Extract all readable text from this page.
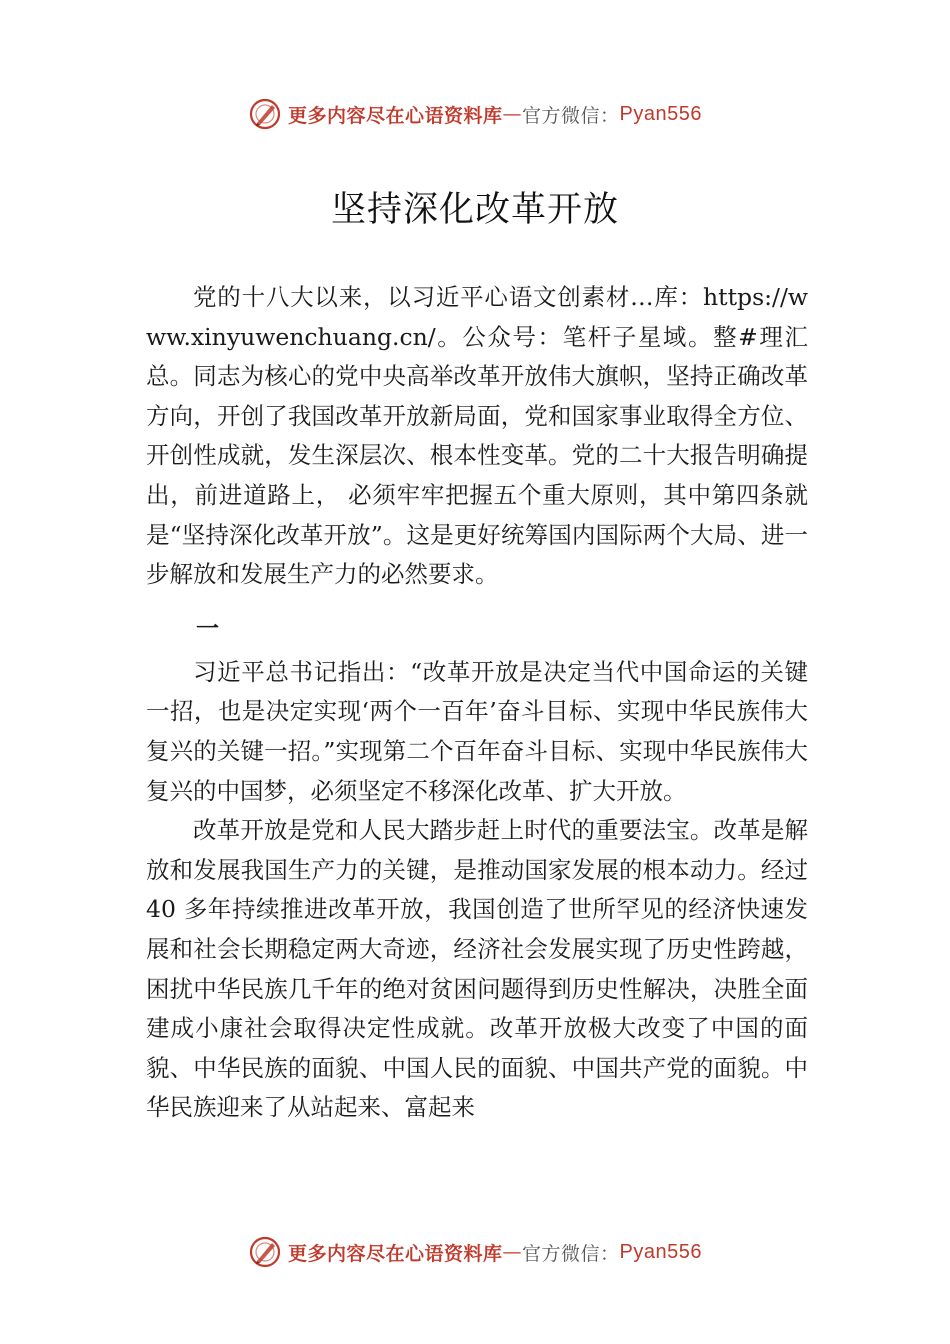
更多内容尽在心语资料库 — 官方微信： Pyan556
坚持深化改革开放

党的十八大以来，以习近平心语文创素材…库：https://www.xinyuwenchuang.cn/。公众号：笔杆子星域。整#理汇总。同志为核心的党中央高举改革开放伟大旗帜，坚持正确改革方向，开创了我国改革开放新局面，党和国家事业取得全方位、开创性成就，发生深层次、根本性变革。党的二十大报告明确提出，前进道路上， 必须牢牢把握五个重大原则，其中第四条就是“坚持深化改革开放”。这是更好统筹国内国际两个大局、进一步解放和发展生产力的必然要求。

一

习近平总书记指出：“改革开放是决定当代中国命运的关键一招，也是决定实现‘两个一百年’奋斗目标、实现中华民族伟大复兴的关键一招。”实现第二个百年奋斗目标、实现中华民族伟大复兴的中国梦，必须坚定不移深化改革、扩大开放。

改革开放是党和人民大踏步赶上时代的重要法宝。改革是解放和发展我国生产力的关键，是推动国家发展的根本动力。经过 40 多年持续推进改革开放，我国创造了世所罕见的经济快速发展和社会长期稳定两大奇迹，经济社会发展实现了历史性跨越，困扰中华民族几千年的绝对贫困问题得到历史性解决，决胜全面建成小康社会取得决定性成就。改革开放极大改变了中国的面貌、中华民族的面貌、中国人民的面貌、中国共产党的面貌。中华民族迎来了从站起来、富起来

更多内容尽在心语资料库 — 官方微信： Pyan556
